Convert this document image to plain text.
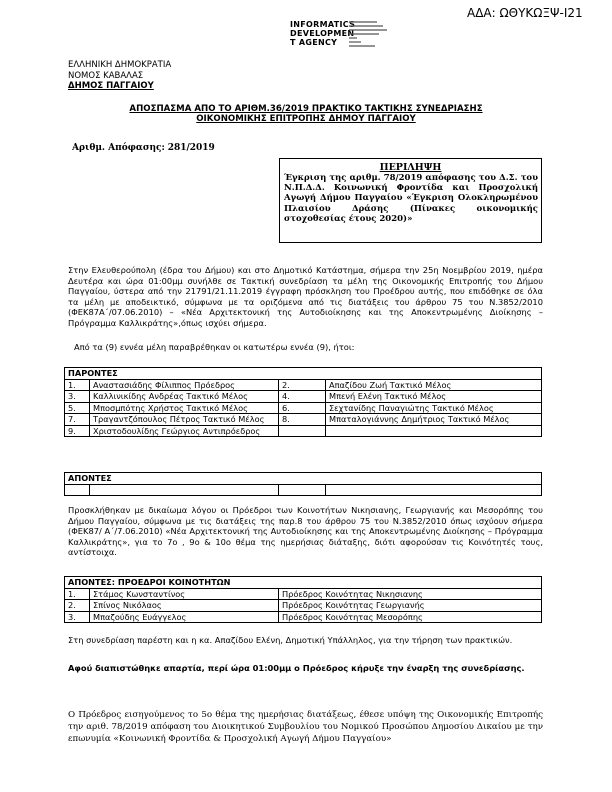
ΑΔΑ: ΩΘΥΚΩΞΨ-Ι21
INFORMATICS
DEVELOPMEN
T AGENCY
ΕΛΛΗΝΙΚΗ ΔΗΜΟΚΡΑΤΙΑ
ΝΟΜΟΣ ΚΑΒΑΛΑΣ
ΔΗΜΟΣ ΠΑΓΓΑΙΟΥ
ΑΠΟΣΠΑΣΜΑ ΑΠΟ ΤΟ ΑΡΙΘΜ.36/2019 ΠΡΑΚΤΙΚΟ ΤΑΚΤΙΚΗΣ ΣΥΝΕΔΡΙΑΣΗΣ
ΟΙΚΟΝΟΜΙΚΗΣ ΕΠΙΤΡΟΠΗΣ ΔΗΜΟΥ ΠΑΓΓΑΙΟΥ
Αριθμ. Απόφασης: 281/2019
ΠΕΡΙΛΗΨΗ
Έγκριση της αριθμ. 78/2019 απόφασης του Δ.Σ. του Ν.Π.Δ.Δ. Κοινωνική Φροντίδα και Προσχολική Αγωγή Δήμου Παγγαίου «Έγκριση Ολοκληρωμένου Πλαισίου Δράσης (Πίνακες οικονομικής στοχοθεσίας έτους 2020)»
Στην Ελευθερούπολη (έδρα του Δήμου) και στο Δημοτικό Κατάστημα, σήμερα την 25η Νοεμβρίου 2019, ημέρα Δευτέρα και ώρα 01:00μμ συνήλθε σε Τακτική συνεδρίαση τα μέλη της Οικονομικής Επιτροπής του Δήμου Παγγαίου, ύστερα από την 21791/21.11.2019 έγγραφη πρόσκληση του Προέδρου αυτής, που επιδόθηκε σε όλα τα μέλη με αποδεικτικό, σύμφωνα με τα οριζόμενα από τις διατάξεις του άρθρου 75 του Ν.3852/2010 (ΦΕΚ87Α΄/07.06.2010) – «Νέα Αρχιτεκτονική της Αυτοδιοίκησης και της Αποκεντρωμένης Διοίκησης – Πρόγραμμα Καλλικράτης»,όπως ισχύει σήμερα.
Από τα (9) εννέα μέλη παραβρέθηκαν οι κατωτέρω εννέα (9), ήτοι:
ΠΑΡΟΝΤΕΣ			
1.	Αναστασιάδης Φίλιππος Πρόεδρος	2.	Απαζίδου Ζωή Τακτικό Μέλος
3.	Καλλινικίδης Ανδρέας Τακτικό Μέλος	4.	Μπενή Ελένη Τακτικό Μέλος
5.	Μποσμπότης Χρήστος Τακτικό Μέλος	6.	Σεχτανίδης Παναγιώτης Τακτικό Μέλος
7.	Τραγαντζόπουλος Πέτρος Τακτικό Μέλος	8.	Μπαταλογιάννης Δημήτριος Τακτικό Μέλος
9.	Χριστοδουλίδης Γεώργιος Αντιπρόεδρος		
ΑΠΟΝΤΕΣ

Προσκλήθηκαν με δικαίωμα λόγου οι Πρόεδροι των Κοινοτήτων Νικησιανης, Γεωργιανής και Μεσορόπης του Δήμου Παγγαίου, σύμφωνα με τις διατάξεις της παρ.8 του άρθρου 75 του Ν.3852/2010 όπως ισχύουν σήμερα (ΦΕΚ87/ Α΄/7.06.2010) «Νέα Αρχιτεκτονική της Αυτοδιοίκησης και της Αποκεντρωμένης Διοίκησης – Πρόγραμμα Καλλικράτης», για το 7ο , 9ο & 10ο θέμα της ημερήσιας διάταξης, διότι αφορούσαν τις Κοινότητές τους, αντίστοιχα.
ΑΠΟΝΤΕΣ: ΠΡΟΕΔΡΟΙ ΚΟΙΝΟΤΗΤΩΝ		
1.	Στάμος Κωνσταντίνος	Πρόεδρος Κοινότητας Νικησιανης
2.	Σπίνος Νικόλαος	Πρόεδρος Κοινότητας Γεωργιανής
3.	Μπαζούδης Ευάγγελος	Πρόεδρος Κοινότητας Μεσορόπης
Στη συνεδρίαση παρέστη και η κα. Απαζίδου Ελένη, Δημοτική Υπάλληλος, για την τήρηση των πρακτικών.
Αφού διαπιστώθηκε απαρτία, περί ώρα 01:00μμ ο Πρόεδρος κήρυξε την έναρξη της συνεδρίασης.
Ο Πρόεδρος εισηγούμενος το 5ο θέμα της ημερήσιας διατάξεως, έθεσε υπόψη της Οικονομικής Επιτροπής την αριθ. 78/2019 απόφαση του Διοικητικού Συμβουλίου του Νομικού Προσώπου Δημοσίου Δικαίου με την επωνυμία «Κοινωνική Φροντίδα & Προσχολική Αγωγή Δήμου Παγγαίου»
